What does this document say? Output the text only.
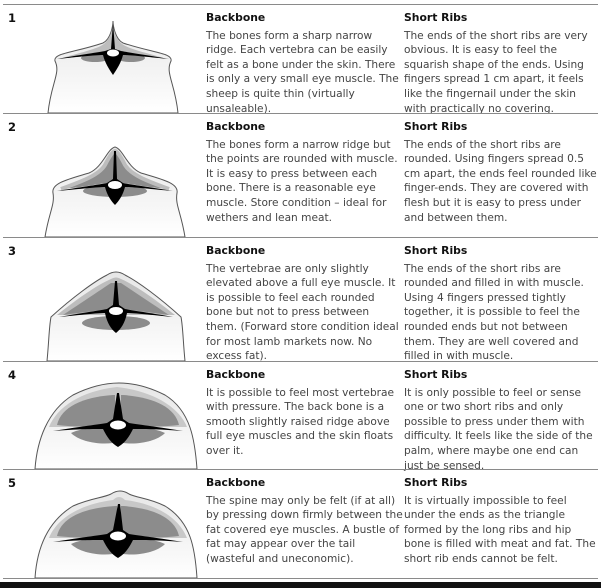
1	Backbone
The bones form a sharp narrow ridge. Each vertebra can be easily felt as a bone under the skin. There is only a very small eye muscle. The sheep is quite thin (virtually unsaleable).
Short Ribs
The ends of the short ribs are very obvious. It is easy to feel the squarish shape of the ends. Using fingers spread 1 cm apart, it feels like the fingernail under the skin with practically no covering.
2	Backbone
The bones form a narrow ridge but the points are rounded with muscle. It is easy to press between each bone. There is a reasonable eye muscle. Store condition – ideal for wethers and lean meat.
Short Ribs
The ends of the short ribs are rounded. Using fingers spread 0.5 cm apart, the ends feel rounded like finger-ends. They are covered with flesh but it is easy to press under and between them.
3	Backbone
The vertebrae are only slightly elevated above a full eye muscle. It is possible to feel each rounded bone but not to press between them. (Forward store condition ideal for most lamb markets now. No excess fat).
Short Ribs
The ends of the short ribs are rounded and filled in with muscle. Using 4 fingers pressed tightly together, it is possible to feel the rounded ends but not between them. They are well covered and filled in with muscle.
4	Backbone
It is possible to feel most vertebrae with pressure. The back bone is a smooth slightly raised ridge above full eye muscles and the skin floats over it.
Short Ribs
It is only possible to feel or sense one or two short ribs and only possible to press under them with difficulty. It feels like the side of the palm, where maybe one end can just be sensed.
5	Backbone
The spine may only be felt (if at all) by pressing down firmly between the fat covered eye muscles. A bustle of fat may appear over the tail (wasteful and uneconomic).
Short Ribs
It is virtually impossible to feel under the ends as the triangle formed by the long ribs and hip bone is filled with meat and fat. The short rib ends cannot be felt.
